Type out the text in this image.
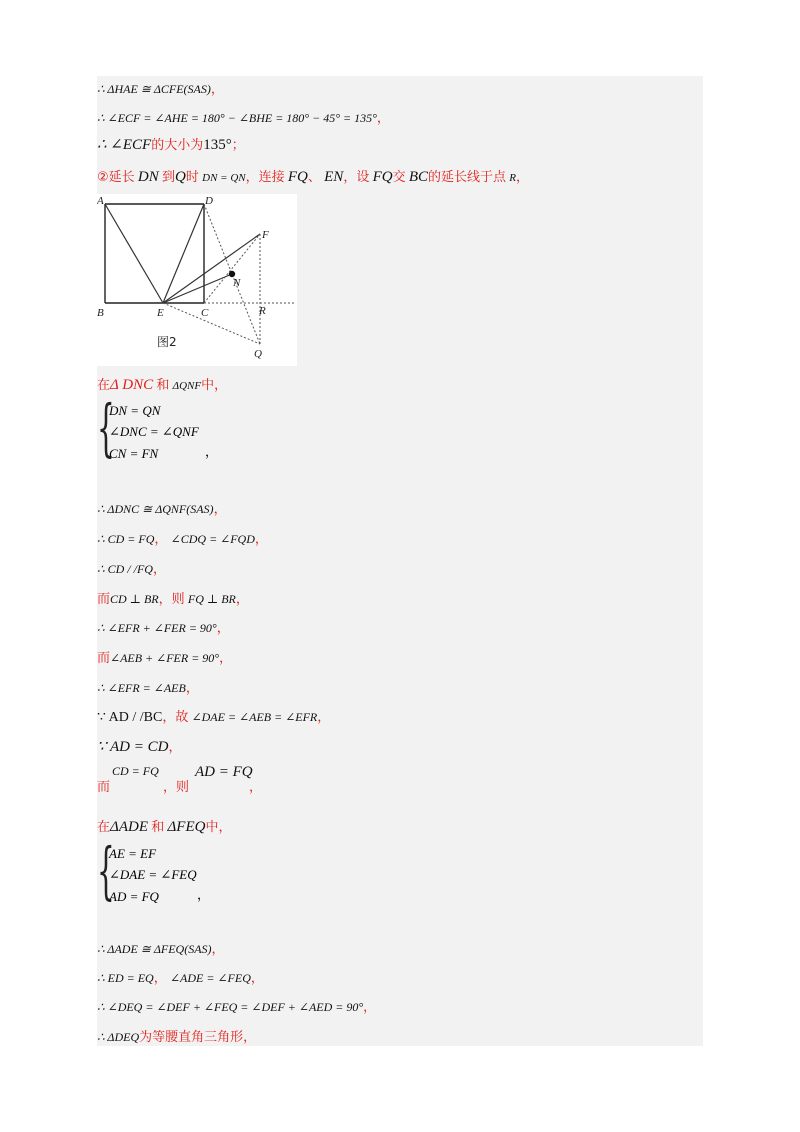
∴ ΔHAE ≅ ΔCFE(SAS)，
∴ ∠ECF = ∠AHE = 180° − ∠BHE = 180° − 45° = 135°，
∴ ∠ECF的大小为135°；
②延长 DN 到Q时 DN = QN，连接 FQ、 EN，设 FQ交 BC的延长线于点 R，
A
B	C
D
E
F
N
R
Q
图2
在Δ DNC 和 ΔQNF中，
{
DN = QN
∠DNC = ∠QNF
CN = FN	，
∴ ΔDNC ≅ ΔQNF(SAS)，
∴ CD = FQ， ∠CDQ = ∠FQD，
∴ CD / /FQ，
而CD ⊥ BR，则 FQ ⊥ BR，
∴ ∠EFR + ∠FER = 90°，
而∠AEB + ∠FER = 90°，
∴ ∠EFR = ∠AEB，
∵ AD / /BC，故 ∠DAE = ∠AEB = ∠EFR，
∵ AD = CD，
而
CD = FQ
，则
AD = FQ
，
在ΔADE 和 ΔFEQ中，
{
AE = EF
∠DAE = ∠FEQ
AD = FQ	，
∴ ΔADE ≅ ΔFEQ(SAS)，
∴ ED = EQ， ∠ADE = ∠FEQ，
∴ ∠DEQ = ∠DEF + ∠FEQ = ∠DEF + ∠AED = 90°，
∴ ΔDEQ为等腰直角三角形，
